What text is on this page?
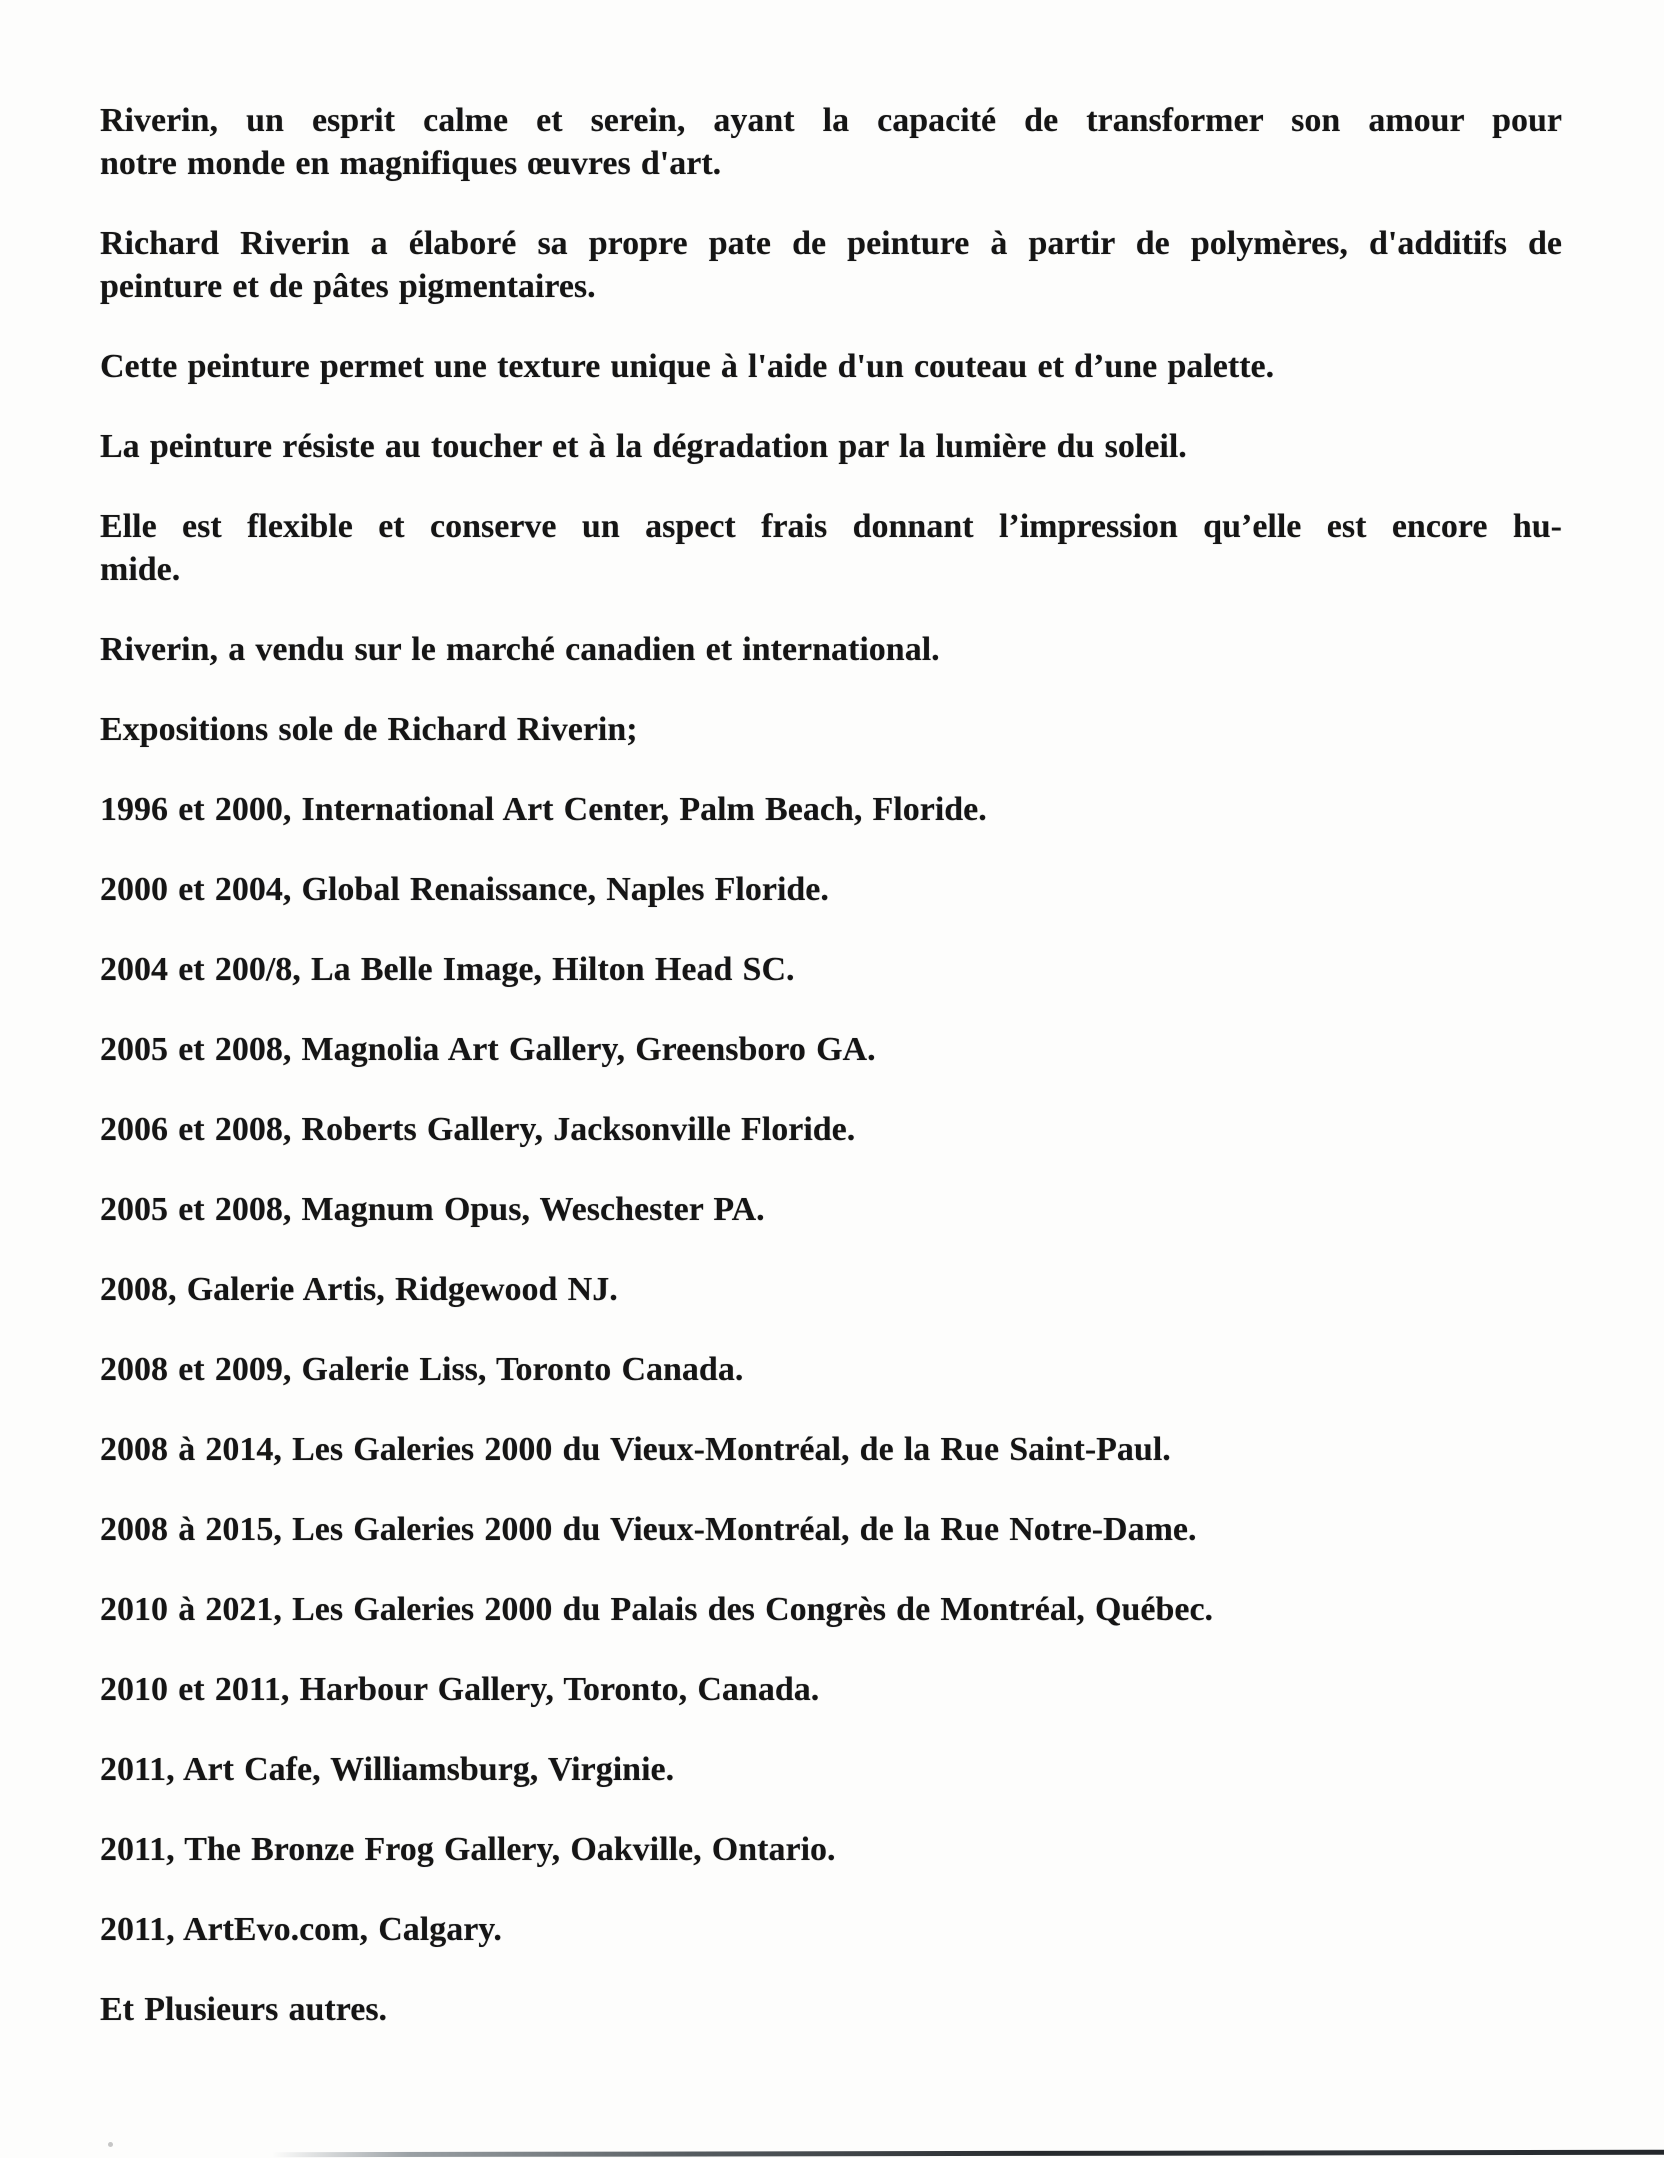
Riverin, un esprit calme et serein, ayant la capacité de transformer son amour pour
notre monde en magnifiques œuvres d'art.

Richard Riverin a élaboré sa propre pate de peinture à partir de polymères, d'additifs de
peinture et de pâtes pigmentaires.

Cette peinture permet une texture unique à l'aide d'un couteau et d’une palette.

La peinture résiste au toucher et à la dégradation par la lumière du soleil.

Elle est flexible et conserve un aspect frais donnant l’impression qu’elle est encore hu-
mide.

Riverin, a vendu sur le marché canadien et international.

Expositions sole de Richard Riverin;

1996 et 2000, International Art Center, Palm Beach, Floride.

2000 et 2004, Global Renaissance, Naples Floride.

2004 et 200/8, La Belle Image, Hilton Head SC.

2005 et 2008, Magnolia Art Gallery, Greensboro GA.

2006 et 2008, Roberts Gallery, Jacksonville Floride.

2005 et 2008, Magnum Opus, Weschester PA.

2008, Galerie Artis, Ridgewood NJ.

2008 et 2009, Galerie Liss, Toronto Canada.

2008 à 2014, Les Galeries 2000 du Vieux-Montréal, de la Rue Saint-Paul.

2008 à 2015, Les Galeries 2000 du Vieux-Montréal, de la Rue Notre-Dame.

2010 à 2021, Les Galeries 2000 du Palais des Congrès de Montréal, Québec.

2010 et 2011, Harbour Gallery, Toronto, Canada.

2011, Art Cafe, Williamsburg, Virginie.

2011, The Bronze Frog Gallery, Oakville, Ontario.

2011, ArtEvo.com, Calgary.

Et Plusieurs autres.
